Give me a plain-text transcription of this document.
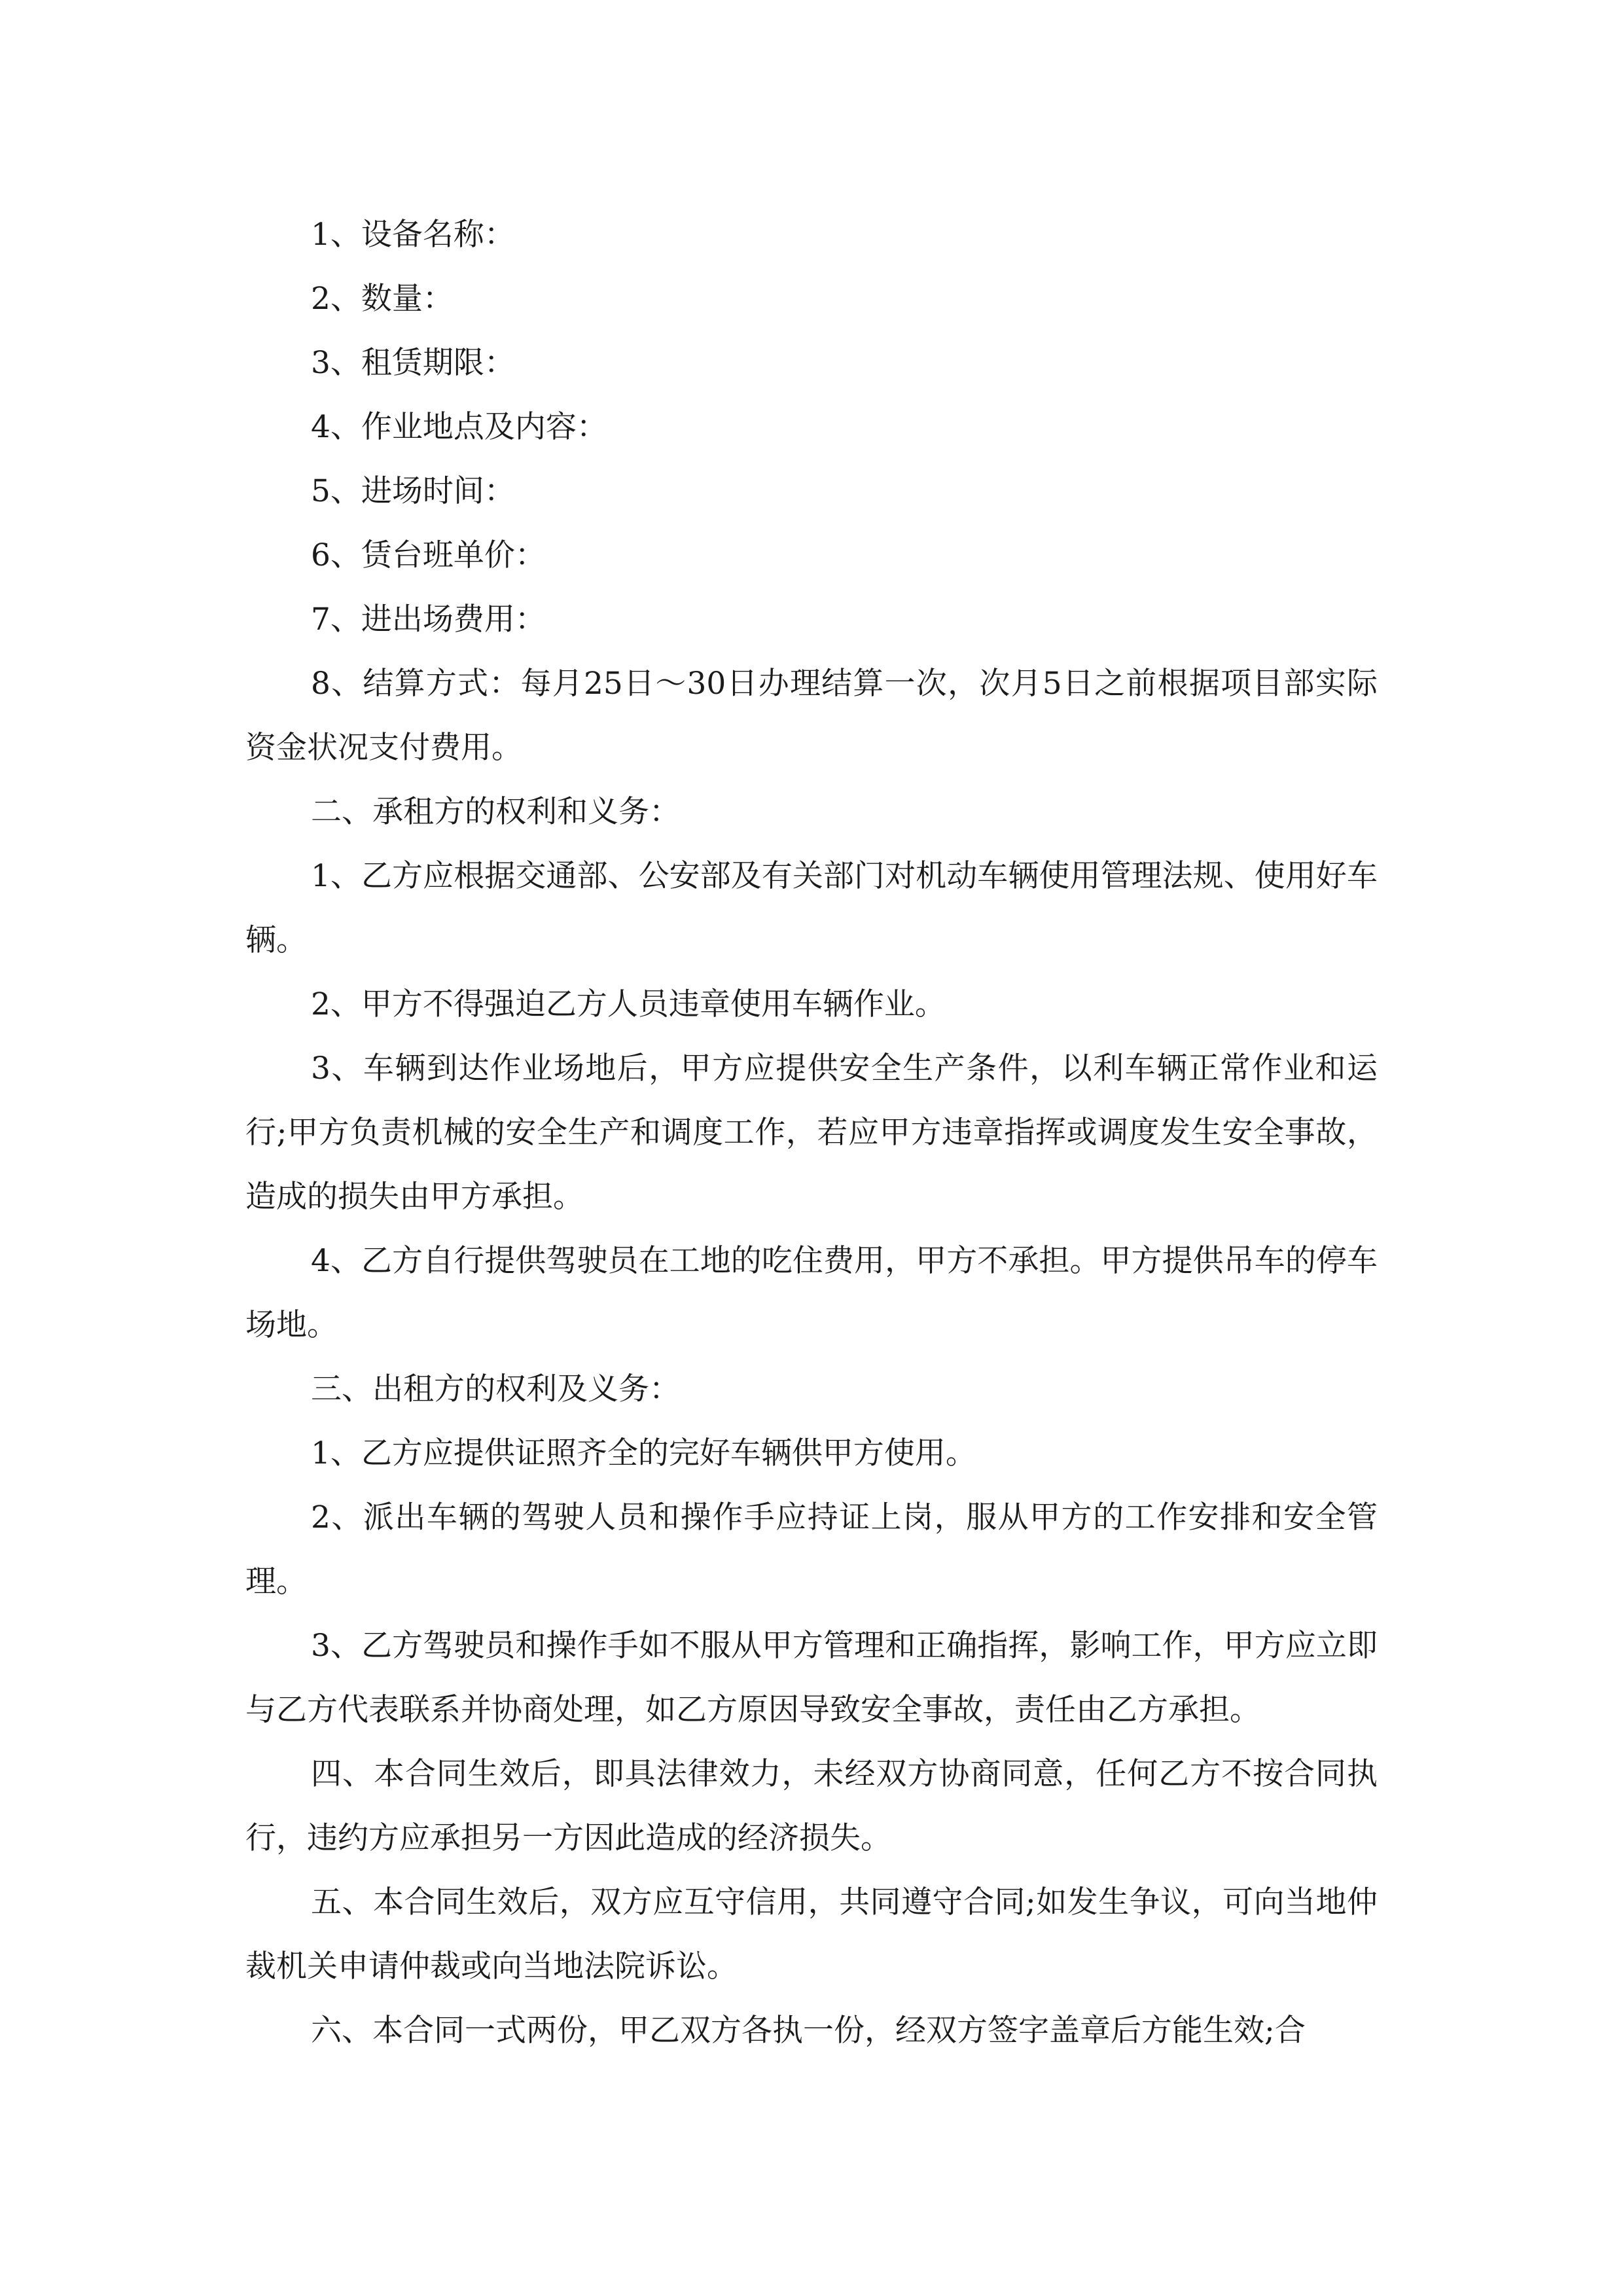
1、设备名称：

2、数量：

3、租赁期限：

4、作业地点及内容：

5、进场时间：

6、赁台班单价：

7、进出场费用：

8、结算方式：每月25日～30日办理结算一次，次月5日之前根据项目部实际资金状况支付费用。

二、承租方的权利和义务：

1、乙方应根据交通部、公安部及有关部门对机动车辆使用管理法规、使用好车辆。

2、甲方不得强迫乙方人员违章使用车辆作业。

3、车辆到达作业场地后，甲方应提供安全生产条件，以利车辆正常作业和运行;甲方负责机械的安全生产和调度工作，若应甲方违章指挥或调度发生安全事故，造成的损失由甲方承担。

4、乙方自行提供驾驶员在工地的吃住费用，甲方不承担。甲方提供吊车的停车场地。

三、出租方的权利及义务：

1、乙方应提供证照齐全的完好车辆供甲方使用。

2、派出车辆的驾驶人员和操作手应持证上岗，服从甲方的工作安排和安全管理。

3、乙方驾驶员和操作手如不服从甲方管理和正确指挥，影响工作，甲方应立即与乙方代表联系并协商处理，如乙方原因导致安全事故，责任由乙方承担。

四、本合同生效后，即具法律效力，未经双方协商同意，任何乙方不按合同执行，违约方应承担另一方因此造成的经济损失。

五、本合同生效后，双方应互守信用，共同遵守合同;如发生争议，可向当地仲裁机关申请仲裁或向当地法院诉讼。

六、本合同一式两份，甲乙双方各执一份，经双方签字盖章后方能生效;合
